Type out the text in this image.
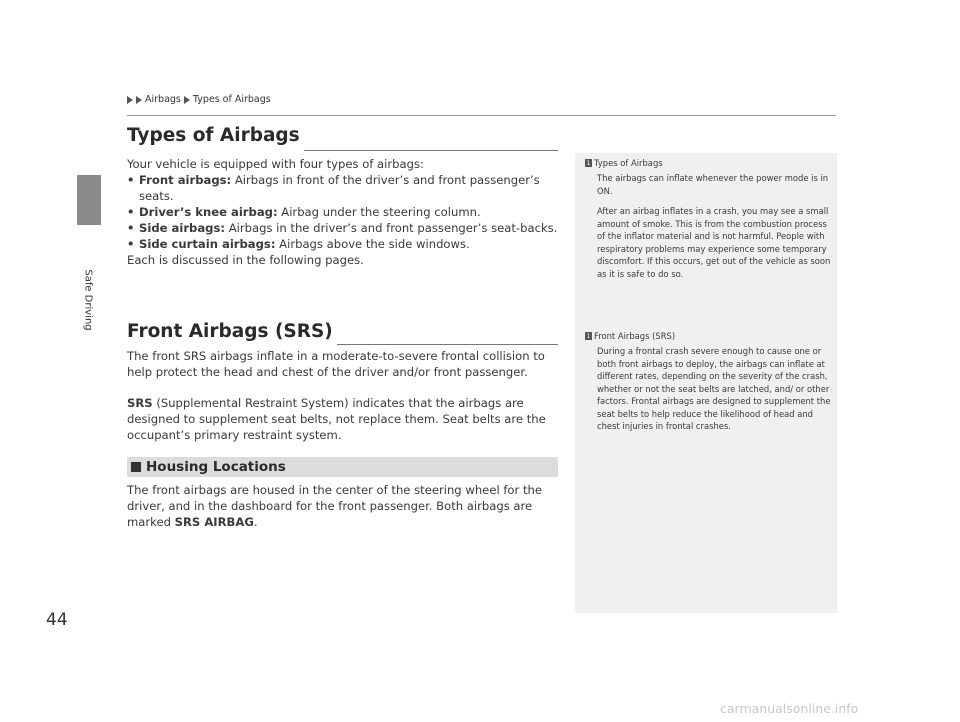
Safe Driving
Airbags Types of Airbags
44
Types of Airbags
Your vehicle is equipped with four types of airbags:
• Front airbags: Airbags in front of the driver’s and front passenger’s seats.
• Driver’s knee airbag: Airbag under the steering column.
• Side airbags: Airbags in the driver’s and front passenger’s seat-backs.
• Side curtain airbags: Airbags above the side windows.
Each is discussed in the following pages.
Front Airbags (SRS)
The front SRS airbags inflate in a moderate-to-severe frontal collision to help protect the head and chest of the driver and/or front passenger.
SRS (Supplemental Restraint System) indicates that the airbags are designed to supplement seat belts, not replace them. Seat belts are the occupant’s primary restraint system.
Housing Locations
The front airbags are housed in the center of the steering wheel for the driver, and in the dashboard for the front passenger. Both airbags are marked SRS AIRBAG.
1 Types of Airbags

The airbags can inflate whenever the power mode is in ON.

After an airbag inflates in a crash, you may see a small amount of smoke. This is from the combustion process of the inflator material and is not harmful. People with respiratory problems may experience some temporary discomfort. If this occurs, get out of the vehicle as soon as it is safe to do so.

1 Front Airbags (SRS)

During a frontal crash severe enough to cause one or both front airbags to deploy, the airbags can inflate at different rates, depending on the severity of the crash, whether or not the seat belts are latched, and/ or other factors. Frontal airbags are designed to supplement the seat belts to help reduce the likelihood of head and chest injuries in frontal crashes.

carmanualsonline.info
